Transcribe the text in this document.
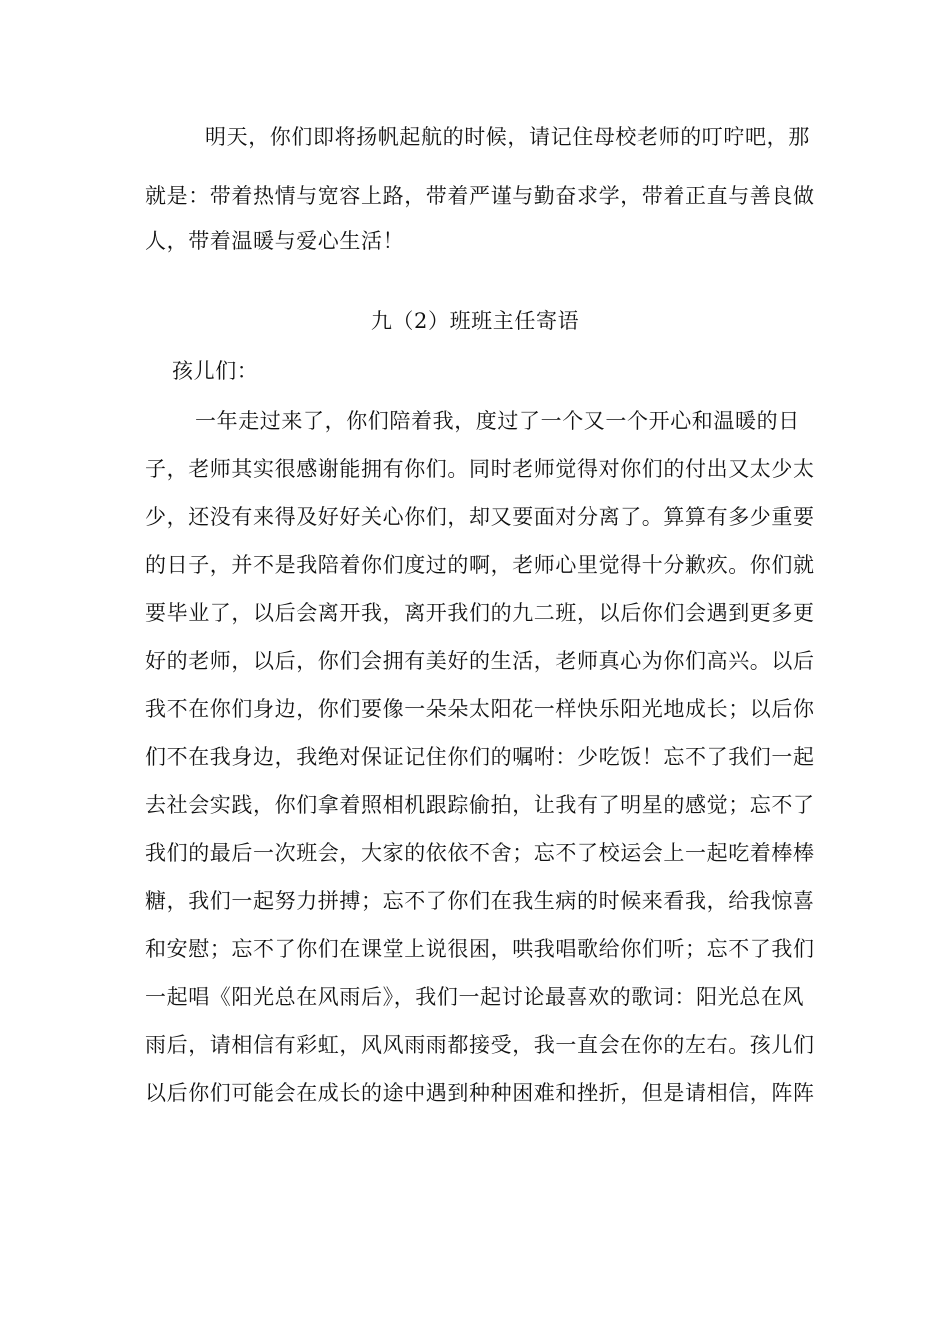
明天，你们即将扬帆起航的时候，请记住母校老师的叮咛吧，那
就是：带着热情与宽容上路，带着严谨与勤奋求学，带着正直与善良做
人，带着温暖与爱心生活！
九（2）班班主任寄语
孩儿们：
一年走过来了，你们陪着我，度过了一个又一个开心和温暖的日
子，老师其实很感谢能拥有你们。同时老师觉得对你们的付出又太少太
少，还没有来得及好好关心你们，却又要面对分离了。算算有多少重要
的日子，并不是我陪着你们度过的啊，老师心里觉得十分歉疚。你们就
要毕业了，以后会离开我，离开我们的九二班，以后你们会遇到更多更
好的老师，以后，你们会拥有美好的生活，老师真心为你们高兴。以后
我不在你们身边，你们要像一朵朵太阳花一样快乐阳光地成长；以后你
们不在我身边，我绝对保证记住你们的嘱咐：少吃饭！忘不了我们一起
去社会实践，你们拿着照相机跟踪偷拍，让我有了明星的感觉；忘不了
我们的最后一次班会，大家的依依不舍；忘不了校运会上一起吃着棒棒
糖，我们一起努力拼搏；忘不了你们在我生病的时候来看我，给我惊喜
和安慰；忘不了你们在课堂上说很困，哄我唱歌给你们听；忘不了我们
一起唱《阳光总在风雨后》，我们一起讨论最喜欢的歌词：阳光总在风
雨后，请相信有彩虹，风风雨雨都接受，我一直会在你的左右。孩儿们
以后你们可能会在成长的途中遇到种种困难和挫折，但是请相信，阵阵
